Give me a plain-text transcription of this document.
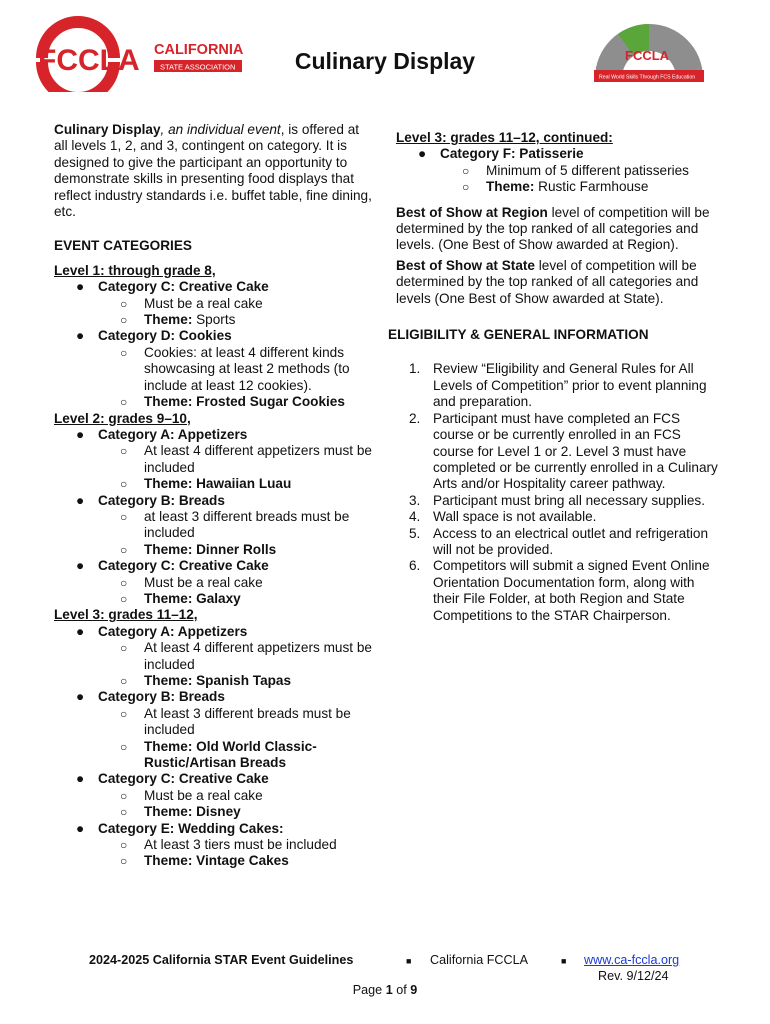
FCCLA CALIFORNIA
STATE ASSOCIATION	Culinary Display	FCCLA
Real World Skills Through FCS Education

Culinary Display, an individual event, is offered at all levels 1, 2, and 3, contingent on category. It is designed to give the participant an opportunity to demonstrate skills in presenting food displays that reflect industry standards i.e. buffet table, fine dining, etc.

EVENT CATEGORIES

Level 1: through grade 8,

● Category C: Creative Cake
○ Must be a real cake
○ Theme: Sports
● Category D: Cookies
○ Cookies: at least 4 different kinds showcasing at least 2 methods (to include at least 12 cookies).
○ Theme: Frosted Sugar Cookies

Level 2: grades 9–10,

● Category A: Appetizers
○ At least 4 different appetizers must be included
○ Theme: Hawaiian Luau
● Category B: Breads
○ at least 3 different breads must be included
○ Theme: Dinner Rolls
● Category C: Creative Cake
○ Must be a real cake
○ Theme: Galaxy

Level 3: grades 11–12,

● Category A: Appetizers
○ At least 4 different appetizers must be included
○ Theme: Spanish Tapas
● Category B: Breads
○ At least 3 different breads must be included
○ Theme: Old World Classic-Rustic/Artisan Breads
● Category C: Creative Cake
○ Must be a real cake
○ Theme: Disney
● Category E: Wedding Cakes:
○ At least 3 tiers must be included
○ Theme: Vintage Cakes

Level 3: grades 11–12, continued:

● Category F: Patisserie
○ Minimum of 5 different patisseries
○ Theme: Rustic Farmhouse

Best of Show at Region level of competition will be determined by the top ranked of all categories and levels. (One Best of Show awarded at Region).

Best of Show at State level of competition will be determined by the top ranked of all categories and levels (One Best of Show awarded at State).

ELIGIBILITY & GENERAL INFORMATION

1. Review “Eligibility and General Rules for All Levels of Competition” prior to event planning and preparation.
2. Participant must have completed an FCS course or be currently enrolled in an FCS course for Level 1 or 2. Level 3 must have completed or be currently enrolled in a Culinary Arts and/or Hospitality career pathway.
3. Participant must bring all necessary supplies.
4. Wall space is not available.
5. Access to an electrical outlet and refrigeration will not be provided.
6. Competitors will submit a signed Event Online Orientation Documentation form, along with their File Folder, at both Region and State Competitions to the STAR Chairperson.
2024-2025 California STAR Event Guidelines	■ California FCCLA	■ www.ca-fccla.org
Rev. 9/12/24
Page 1 of 9
